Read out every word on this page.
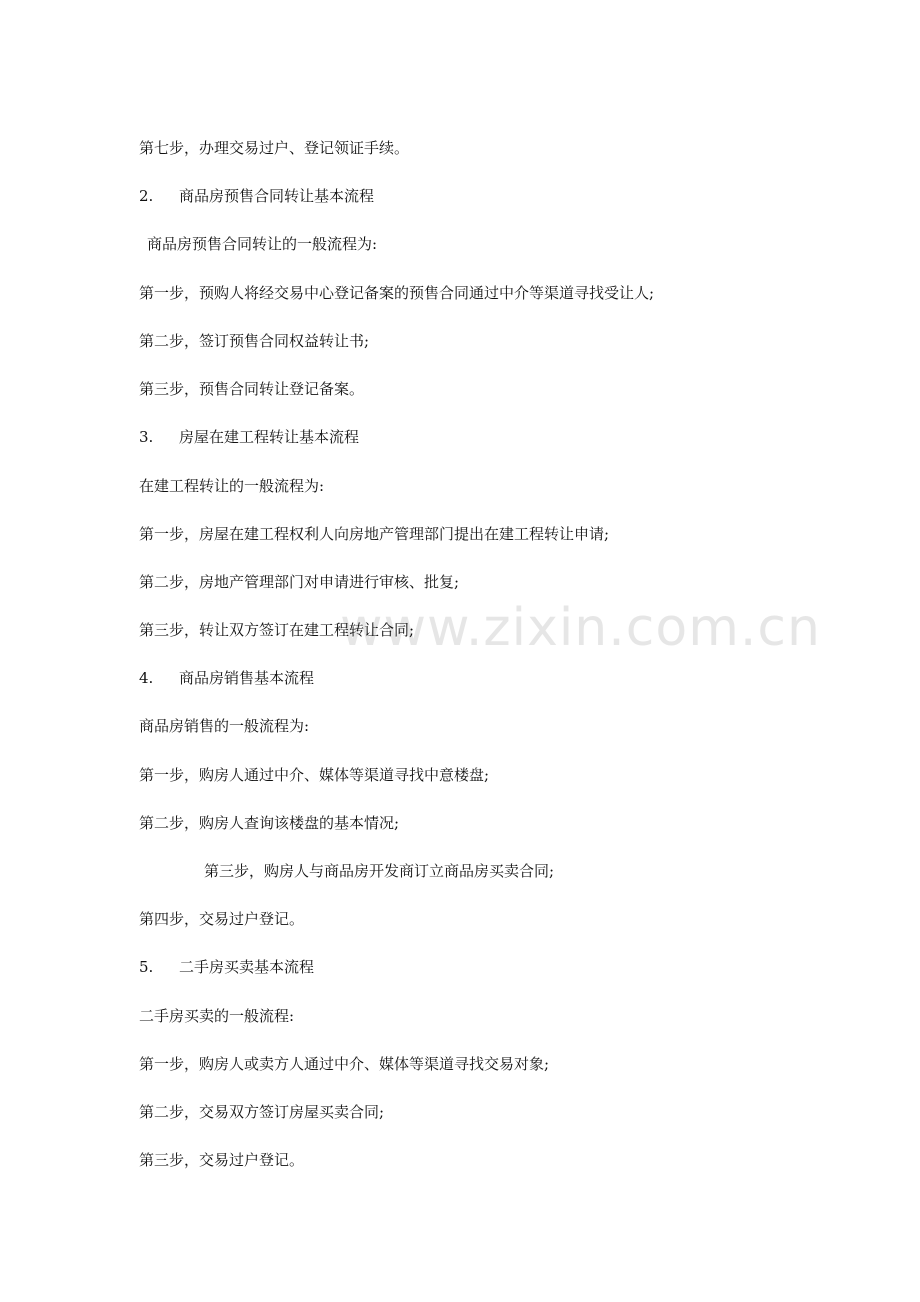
www.zixin.com.cn
第七步，办理交易过户、登记领证手续。
2. 商品房预售合同转让基本流程
商品房预售合同转让的一般流程为:
第一步，预购人将经交易中心登记备案的预售合同通过中介等渠道寻找受让人;
第二步，签订预售合同权益转让书;
第三步，预售合同转让登记备案。
3. 房屋在建工程转让基本流程
在建工程转让的一般流程为:
第一步，房屋在建工程权利人向房地产管理部门提出在建工程转让申请;
第二步，房地产管理部门对申请进行审核、批复;
第三步，转让双方签订在建工程转让合同;
4. 商品房销售基本流程
商品房销售的一般流程为:
第一步，购房人通过中介、媒体等渠道寻找中意楼盘;
第二步，购房人查询该楼盘的基本情况;
第三步，购房人与商品房开发商订立商品房买卖合同;
第四步，交易过户登记。
5. 二手房买卖基本流程
二手房买卖的一般流程:
第一步，购房人或卖方人通过中介、媒体等渠道寻找交易对象;
第二步，交易双方签订房屋买卖合同;
第三步，交易过户登记。
